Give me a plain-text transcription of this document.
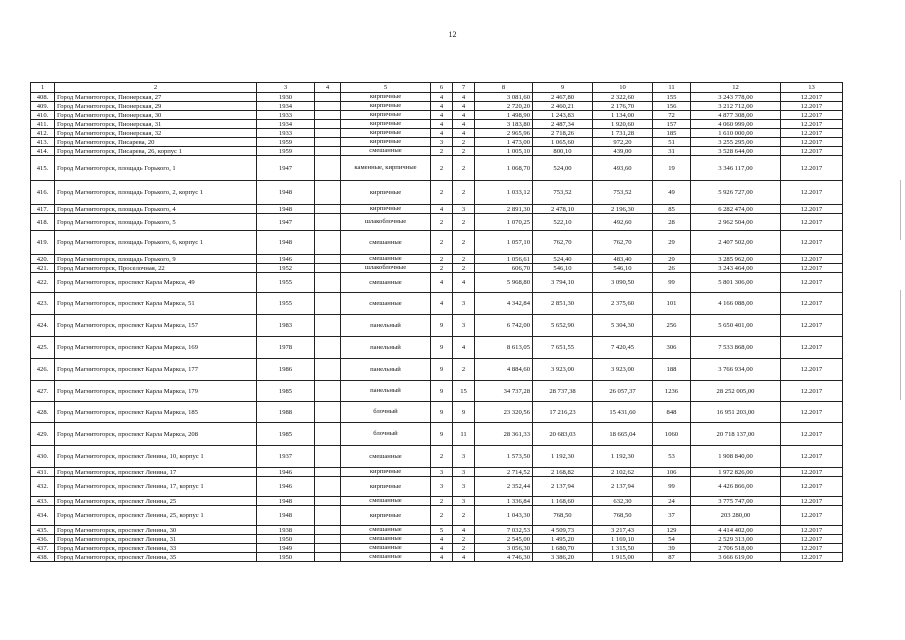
12
1	2	3	4	5	6	7	8	9	10	11	12	13
408.	Город Магнитогорск, Пионерская, 27	1930		кирпичные	4	4	3 081,60	2 467,80	2 322,60	155	3 243 778,00	12.2017
409.	Город Магнитогорск, Пионерская, 29	1934		кирпичные	4	4	2 720,20	2 460,21	2 176,70	156	3 212 712,00	12.2017
410.	Город Магнитогорск, Пионерская, 30	1933		кирпичные	4	4	1 498,90	1 243,83	1 134,00	72	4 877 308,00	12.2017
411.	Город Магнитогорск, Пионерская, 31	1934		кирпичные	4	4	3 183,80	2 487,34	1 920,60	157	4 060 999,00	12.2017
412.	Город Магнитогорск, Пионерская, 32	1933		кирпичные	4	4	2 965,96	2 718,26	1 731,28	185	1 610 000,00	12.2017
413.	Город Магнитогорск, Писарева, 20	1959		кирпичные	3	2	1 473,00	1 065,60	972,20	51	3 255 295,00	12.2017
414.	Город Магнитогорск, Писарева, 26, корпус 1	1959		смешанные	2	2	1 005,10	800,10	439,00	31	3 528 644,00	12.2017
415.	Город Магнитогорск, площадь Горького, 1	1947		каменные, кирпичные	2	2	1 068,70	524,00	493,60	19	3 346 117,00	12.2017
416.	Город Магнитогорск, площадь Горького, 2, корпус 1	1948		кирпичные	2	2	1 033,12	753,52	753,52	49	5 926 727,00	12.2017
417.	Город Магнитогорск, площадь Горького, 4	1948		кирпичные	4	3	2 891,30	2 478,10	2 196,30	85	6 282 474,00	12.2017
418.	Город Магнитогорск, площадь Горького, 5	1947		шлакоблочные	2	2	1 070,25	522,10	492,60	28	2 962 504,00	12.2017
419.	Город Магнитогорск, площадь Горького, 6, корпус 1	1948		смешанные	2	2	1 057,10	762,70	762,70	29	2 407 502,00	12.2017
420.	Город Магнитогорск, площадь Горького, 9	1946		смешанные	2	2	1 056,61	524,40	483,40	29	3 285 962,00	12.2017
421.	Город Магнитогорск, Проселочная, 22	1952		шлакоблочные	2	2	606,70	546,10	546,10	26	3 243 464,00	12.2017
422.	Город Магнитогорск, проспект Карла Маркса, 49	1955		смешанные	4	4	5 968,80	3 794,10	3 090,50	99	5 801 306,00	12.2017
423.	Город Магнитогорск, проспект Карла Маркса, 51	1955		смешанные	4	3	4 342,84	2 851,30	2 375,60	101	4 166 088,00	12.2017
424.	Город Магнитогорск, проспект Карла Маркса, 157	1983		панельный	9	3	6 742,00	5 652,90	5 304,30	256	5 650 401,00	12.2017
425.	Город Магнитогорск, проспект Карла Маркса, 169	1978		панельный	9	4	8 613,05	7 651,55	7 420,45	306	7 533 868,00	12.2017
426.	Город Магнитогорск, проспект Карла Маркса, 177	1986		панельный	9	2	4 884,60	3 923,00	3 923,00	188	3 766 934,00	12.2017
427.	Город Магнитогорск, проспект Карла Маркса, 179	1985		панельный	9	15	34 737,28	28 737,38	26 057,37	1236	28 252 005,00	12.2017
428.	Город Магнитогорск, проспект Карла Маркса, 185	1988		блочный	9	9	23 320,56	17 216,23	15 431,60	848	16 951 203,00	12.2017
429.	Город Магнитогорск, проспект Карла Маркса, 208	1985		блочный	9	11	28 361,33	20 683,03	18 665,04	1060	20 718 137,00	12.2017
430.	Город Магнитогорск, проспект Ленина, 10, корпус 1	1937		смешанные	2	3	1 573,50	1 192,30	1 192,30	53	1 908 840,00	12.2017
431.	Город Магнитогорск, проспект Ленина, 17	1946		кирпичные	3	3	2 714,52	2 168,82	2 102,62	106	1 972 826,00	12.2017
432.	Город Магнитогорск, проспект Ленина, 17, корпус 1	1946		кирпичные	3	3	2 352,44	2 137,94	2 137,94	99	4 426 866,00	12.2017
433.	Город Магнитогорск, проспект Ленина, 25	1948		смешанные	2	3	1 336,84	1 168,60	632,30	24	3 775 747,00	12.2017
434.	Город Магнитогорск, проспект Ленина, 25, корпус 1	1948		кирпичные	2	2	1 043,30	768,50	768,50	37	203 280,00	12.2017
435.	Город Магнитогорск, проспект Ленина, 30	1938		смешанные	5	4	7 032,53	4 509,73	3 217,43	129	4 414 402,00	12.2017
436.	Город Магнитогорск, проспект Ленина, 31	1950		смешанные	4	2	2 545,00	1 495,20	1 169,10	54	2 529 313,00	12.2017
437.	Город Магнитогорск, проспект Ленина, 33	1949		смешанные	4	2	3 056,30	1 680,70	1 315,50	39	2 706 518,00	12.2017
438.	Город Магнитогорск, проспект Ленина, 35	1950		смешанные	4	4	4 746,30	3 386,20	1 915,00	87	3 666 619,00	12.2017
